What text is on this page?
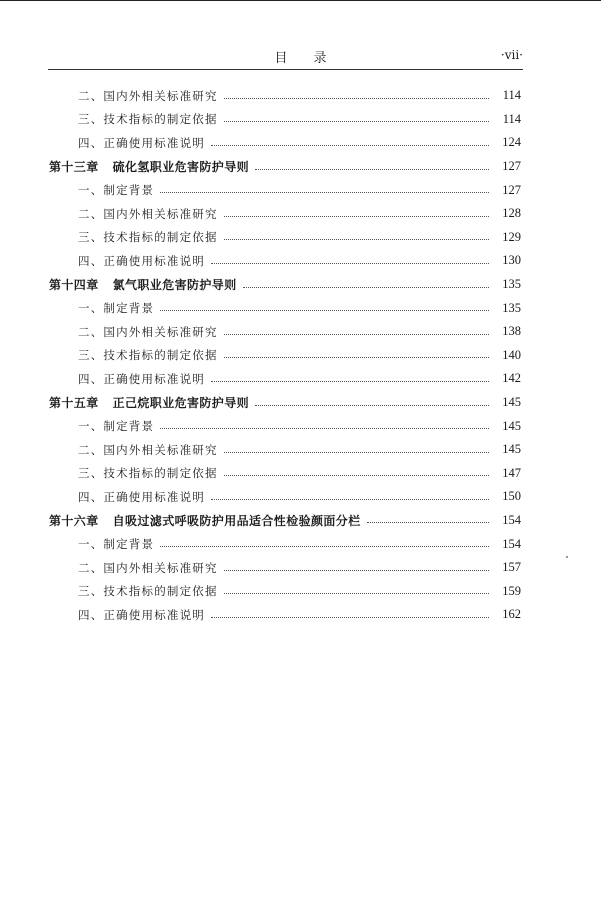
目 录	·vii·
二、国内外相关标准研究	114
三、技术指标的制定依据	114
四、正确使用标准说明	124
第十三章 硫化氢职业危害防护导则	127
一、制定背景	127
二、国内外相关标准研究	128
三、技术指标的制定依据	129
四、正确使用标准说明	130
第十四章 氯气职业危害防护导则	135
一、制定背景	135
二、国内外相关标准研究	138
三、技术指标的制定依据	140
四、正确使用标准说明	142
第十五章 正己烷职业危害防护导则	145
一、制定背景	145
二、国内外相关标准研究	145
三、技术指标的制定依据	147
四、正确使用标准说明	150
第十六章 自吸过滤式呼吸防护用品适合性检验颜面分栏	154
一、制定背景	154
二、国内外相关标准研究	157
三、技术指标的制定依据	159
四、正确使用标准说明	162
